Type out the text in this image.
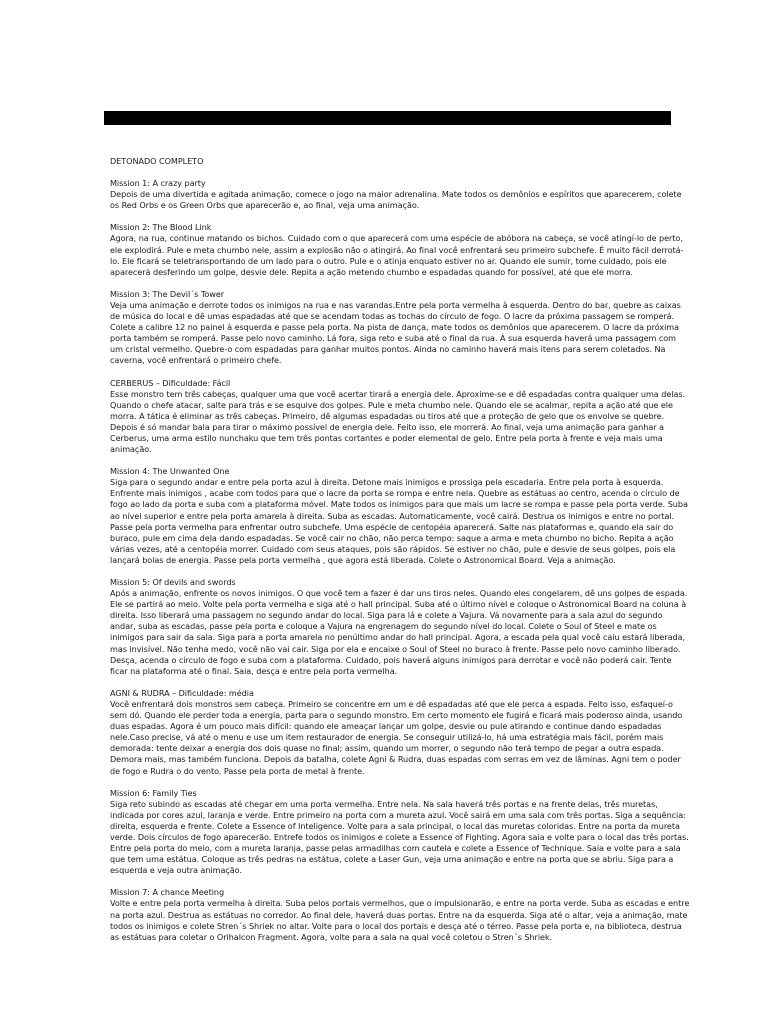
DETONADO COMPLETO

Mission 1: A crazy party
Depois de uma divertida e agitada animação, comece o jogo na maior adrenalina. Mate todos os demônios e espíritos que aparecerem, colete os Red Orbs e os Green Orbs que aparecerão e, ao final, veja uma animação.
Mission 2: The Blood Link
Agora, na rua, continue matando os bichos. Cuidado com o que aparecerá com uma espécie de abóbora na cabeça, se você atingí-lo de perto, ele explodirá. Pule e meta chumbo nele, assim a explosão não o atingirá. Ao final você enfrentará seu primeiro subchefe. É muito fácil derrotá-lo. Ele ficará se teletransportando de um lado para o outro. Pule e o atinja enquato estiver no ar. Quando ele sumir, tome cuidado, pois ele aparecerá desferindo um golpe, desvie dele. Repita a ação metendo chumbo e espadadas quando for possível, até que ele morra.
Mission 3: The Devil´s Tower
Veja uma animação e derrote todos os inimigos na rua e nas varandas.Entre pela porta vermelha à esquerda. Dentro do bar, quebre as caixas de música do local e dê umas espadadas até que se acendam todas as tochas do círculo de fogo. O lacre da próxima passagem se romperá. Colete a calibre 12 no painel à esquerda e passe pela porta. Na pista de dança, mate todos os demônios que aparecerem. O lacre da próxima porta também se romperá. Passe pelo novo caminho. Lá fora, siga reto e suba até o final da rua. À sua esquerda haverá uma passagem com um cristal vermelho. Quebre-o com espadadas para ganhar muitos pontos. Ainda no caminho haverá mais itens para serem coletados. Na caverna, você enfrentará o primeiro chefe.
CERBERUS – Dificuldade: Fácil
Esse monstro tem três cabeças, qualquer uma que você acertar tirará a energia dele. Aproxime-se e dê espadadas contra qualquer uma delas. Quando o chefe atacar, salte para trás e se esquive dos golpes. Pule e meta chumbo nele. Quando ele se acalmar, repita a ação até que ele morra. A tática é eliminar as três cabeças. Primeiro, dê algumas espadadas ou tiros até que a proteção de gelo que os envolve se quebre. Depois é só mandar bala para tirar o máximo possível de energia dele. Feito isso, ele morrerá. Ao final, veja uma animação para ganhar a Cerberus, uma arma estilo nunchaku que tem três pontas cortantes e poder elemental de gelo. Entre pela porta à frente e veja mais uma animação.
Mission 4: The Unwanted One
Siga para o segundo andar e entre pela porta azul à direita. Detone mais inimigos e prossiga pela escadaria. Entre pela porta à esquerda. Enfrente mais inimigos , acabe com todos para que o lacre da porta se rompa e entre nela. Quebre as estátuas ao centro, acenda o círculo de fogo ao lado da porta e suba com a plataforma móvel. Mate todos os inimigos para que mais um lacre se rompa e passe pela porta verde. Suba ao nível superior e entre pela porta amarela à direita. Suba as escadas. Automaticamente, você cairá. Destrua os inimigos e entre no portal. Passe pela porta vermelha para enfrentar outro subchefe. Uma espécie de centopéia aparecerá. Salte nas plataformas e, quando ela sair do buraco, pule em cima dela dando espadadas. Se você cair no chão, não perca tempo: saque a arma e meta chumbo no bicho. Repita a ação várias vezes, até a centopéia morrer. Cuidado com seus ataques, pois são rápidos. Se estiver no chão, pule e desvie de seus golpes, pois ela lançará bolas de energia. Passe pela porta vermelha , que agora está liberada. Colete o Astronomical Board. Veja a animação.
Mission 5: Of devils and swords
Após a animação, enfrente os novos inimigos. O que você tem a fazer é dar uns tiros neles. Quando eles congelarem, dê uns golpes de espada. Ele se partirá ao meio. Volte pela porta vermelha e siga até o hall principal. Suba até o último nível e coloque o Astronomical Board na coluna à direita. Isso liberará uma passagem no segundo andar do local. Siga para lá e colete a Vajura. Vá novamente para a sala azul do segundo andar, suba as escadas, passe pela porta e coloque a Vajura na engrenagem do segundo nível do local. Colete o Soul of Steel e mate os inimigos para sair da sala. Siga para a porta amarela no penúltimo andar do hall principal. Agora, a escada pela qual você caiu estará liberada, mas invisível. Não tenha medo, você não vai cair. Siga por ela e encaixe o Soul of Steel no buraco à frente. Passe pelo novo caminho liberado. Desça, acenda o círculo de fogo e suba com a plataforma. Cuidado, pois haverá alguns inimigos para derrotar e você não poderá cair. Tente ficar na plataforma até o final. Saia, desça e entre pela porta vermelha.
AGNI & RUDRA – Dificuldade: média
Você enfrentará dois monstros sem cabeça. Primeiro se concentre em um e dê espadadas até que ele perca a espada. Feito isso, esfaqueí-o sem dó. Quando ele perder toda a energia, parta para o segundo monstro. Em certo momento ele fugirá e ficará mais poderoso ainda, usando duas espadas. Agora é um pouco mais difícil: quando ele ameaçar lançar um golpe, desvie ou pule atirando e continue dando espadadas nele.Caso precise, vá até o menu e use um item restaurador de energia. Se conseguir utilizá-lo, há uma estratégia mais fácil, porém mais demorada: tente deixar a energia dos dois quase no final; assim, quando um morrer, o segundo não terá tempo de pegar a outra espada. Demora mais, mas também funciona. Depois da batalha, colete Agni & Rudra, duas espadas com serras em vez de lâminas. Agni tem o poder de fogo e Rudra o do vento. Passe pela porta de metal à frente.
Mission 6: Family Ties
Siga reto subindo as escadas até chegar em uma porta vermelha. Entre nela. Na sala haverá três portas e na frente delas, três muretas, indicada por cores azul, laranja e verde. Entre primeiro na porta com a mureta azul. Você sairá em uma sala com três portas. Siga a sequência: direita, esquerda e frente. Colete a Essence of Inteligence. Volte para a sala principal, o local das muretas coloridas. Entre na porta da mureta verde. Dois círculos de fogo aparecerão. Entrefe todos os inimigos e colete a Essence of Fighting. Agora saia e volte para o local das três portas. Entre pela porta do meio, com a mureta laranja, passe pelas armadilhas com cautela e colete a Essence of Technique. Saia e volte para a sala que tem uma estátua. Coloque as três pedras na estátua, colete a Laser Gun, veja uma animação e entre na porta que se abriu. Siga para a esquerda e veja outra animação.
Mission 7: A chance Meeting
Volte e entre pela porta vermelha à direita. Suba pelos portais vermelhos, que o impulsionarão, e entre na porta verde. Suba as escadas e entre na porta azul. Destrua as estátuas no corredor. Ao final dele, haverá duas portas. Entre na da esquerda. Siga até o altar, veja a animação, mate todos os inimigos e colete Stren´s Shriek no altar. Volte para o local dos portais e desça até o térreo. Passe pela porta e, na biblioteca, destrua as estátuas para coletar o Orihalcon Fragment. Agora, volte para a sala na qual você coletou o Stren´s Shriek.
